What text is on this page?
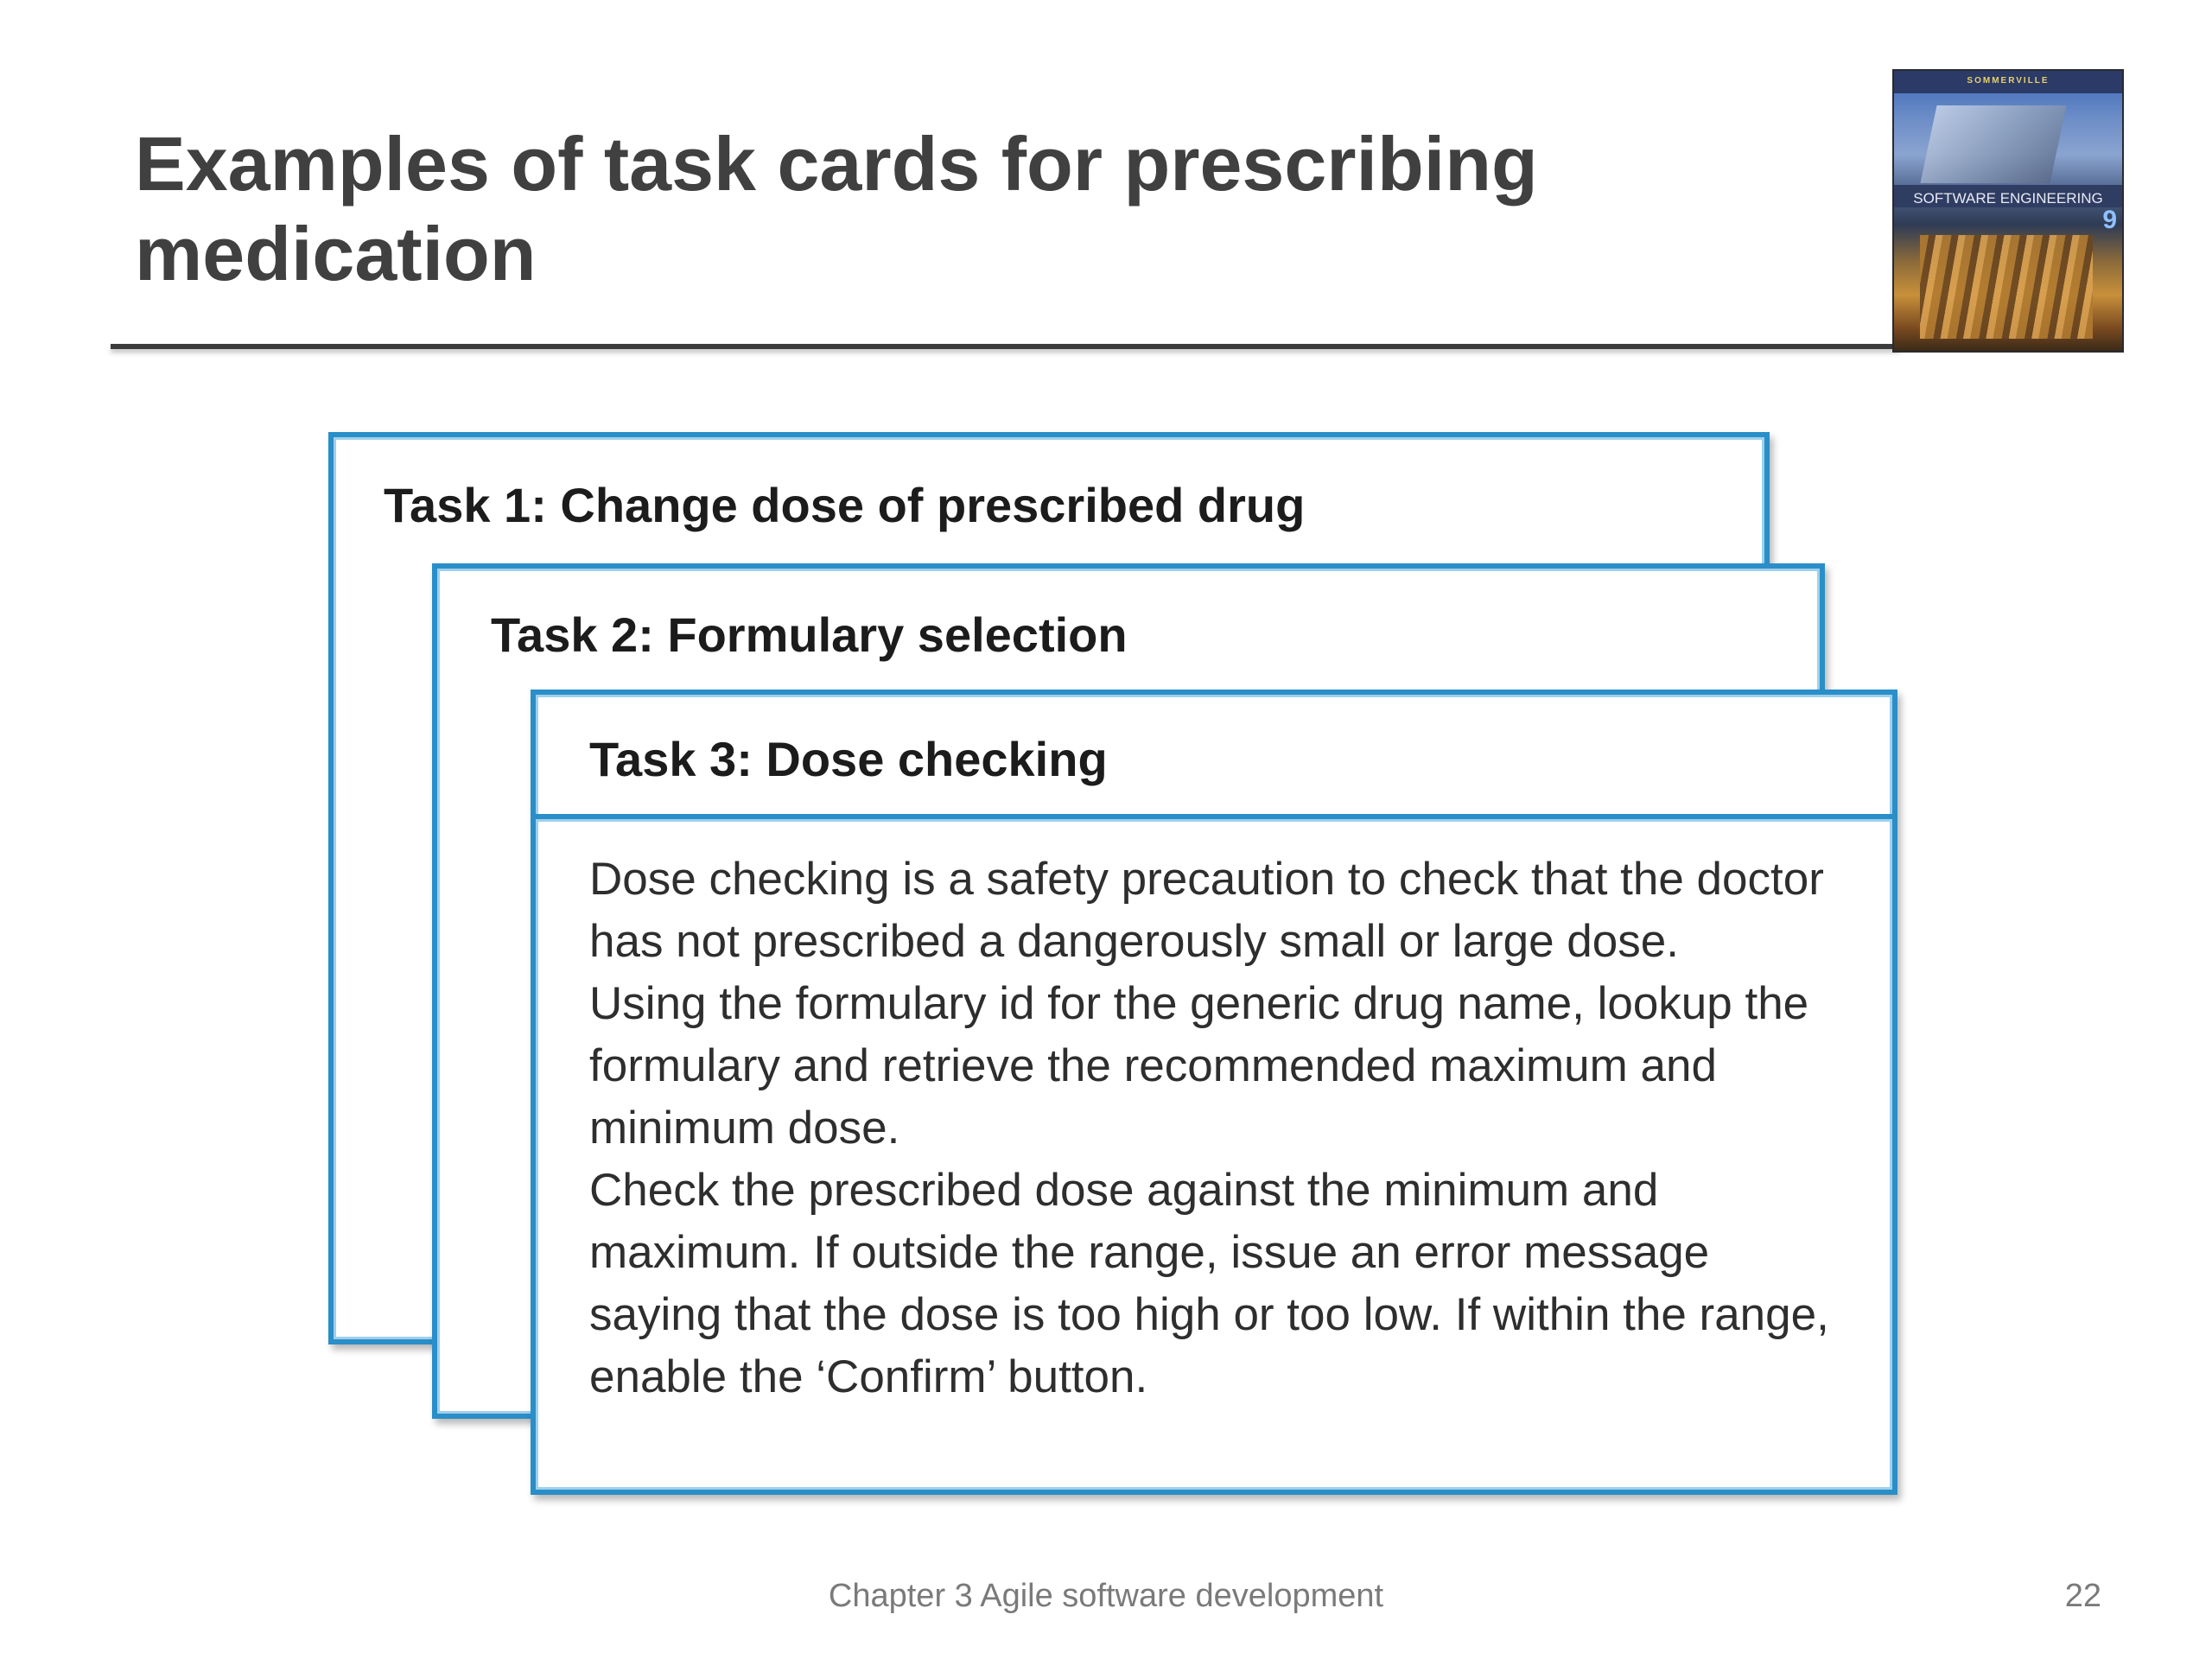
Examples of task cards for prescribing
medication
SOMMERVILLE
SOFTWARE ENGINEERING
9
Task 1: Change dose of prescribed drug
Task 2: Formulary selection
Task 3: Dose checking

Dose checking is a safety precaution to check that the doctor has not prescribed a dangerously small or large dose.

Using the formulary id for the generic drug name, lookup the formulary and retrieve the recommended maximum and minimum dose.

Check the prescribed dose against the minimum and maximum. If outside the range, issue an error message saying that the dose is too high or too low. If within the range, enable the ‘Confirm’ button.

Chapter 3 Agile software development	22
